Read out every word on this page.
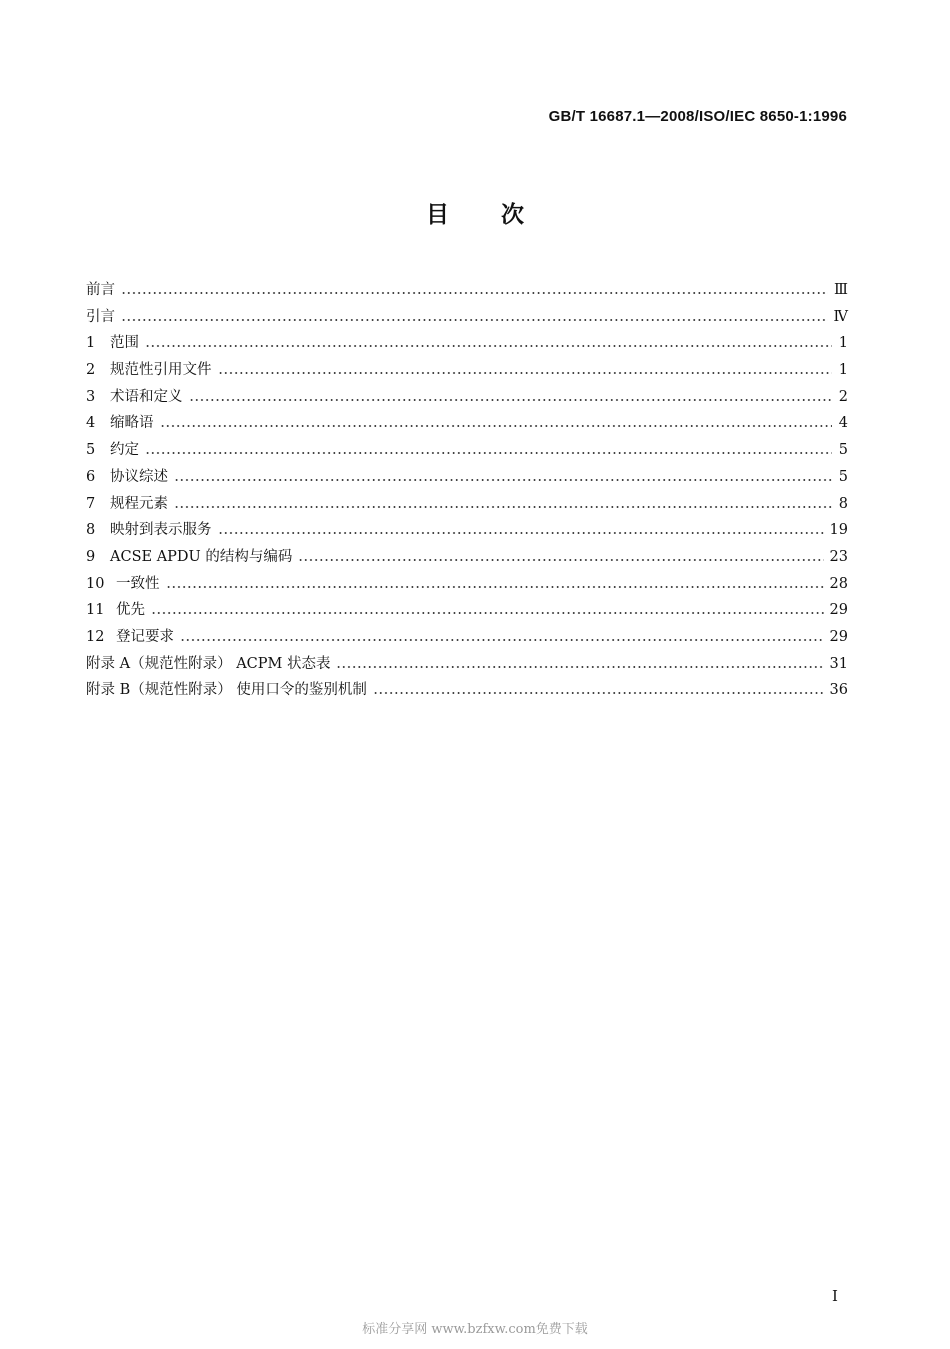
GB/T 16687.1—2008/ISO/IEC 8650-1:1996
目次
前言	Ⅲ
引言	Ⅳ
1	范围	1
2	规范性引用文件	1
3	术语和定义	2
4	缩略语	4
5	约定	5
6	协议综述	5
7	规程元素	8
8	映射到表示服务	19
9	ACSE APDU 的结构与编码	23
10 一致性	28
11 优先	29
12 登记要求	29
附录 A（规范性附录） ACPM 状态表	31
附录 B（规范性附录） 使用口令的鉴别机制	36
I
标准分享网 www.bzfxw.com免费下载
